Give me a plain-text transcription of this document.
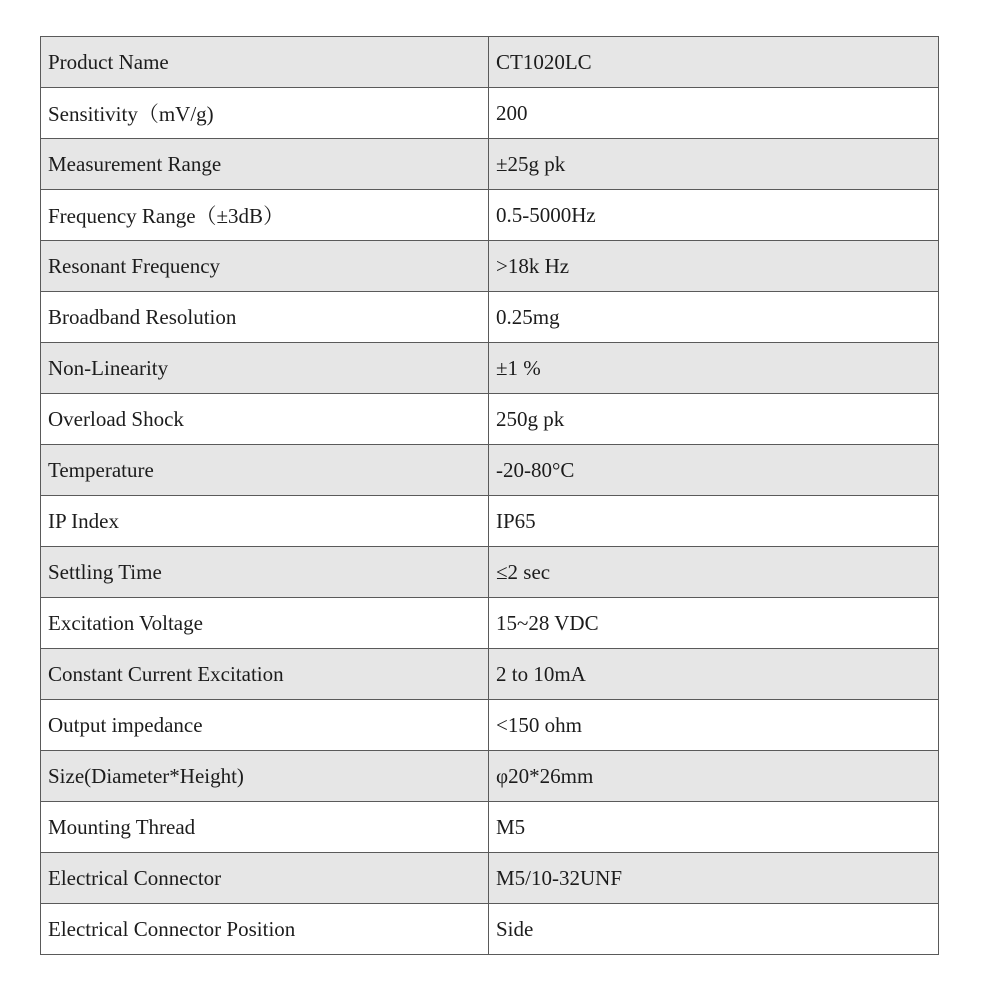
Product Name	CT1020LC
Sensitivity（mV/g)	200
Measurement Range	±25g pk
Frequency Range（±3dB）	0.5-5000Hz
Resonant Frequency	>18k Hz
Broadband Resolution	0.25mg
Non-Linearity	±1 %
Overload Shock	250g pk
Temperature	-20-80°C
IP Index	IP65
Settling Time	≤2 sec
Excitation Voltage	15~28 VDC
Constant Current Excitation	2 to 10mA
Output impedance	<150 ohm
Size(Diameter*Height)	φ20*26mm
Mounting Thread	M5
Electrical Connector	M5/10-32UNF
Electrical Connector Position	Side
